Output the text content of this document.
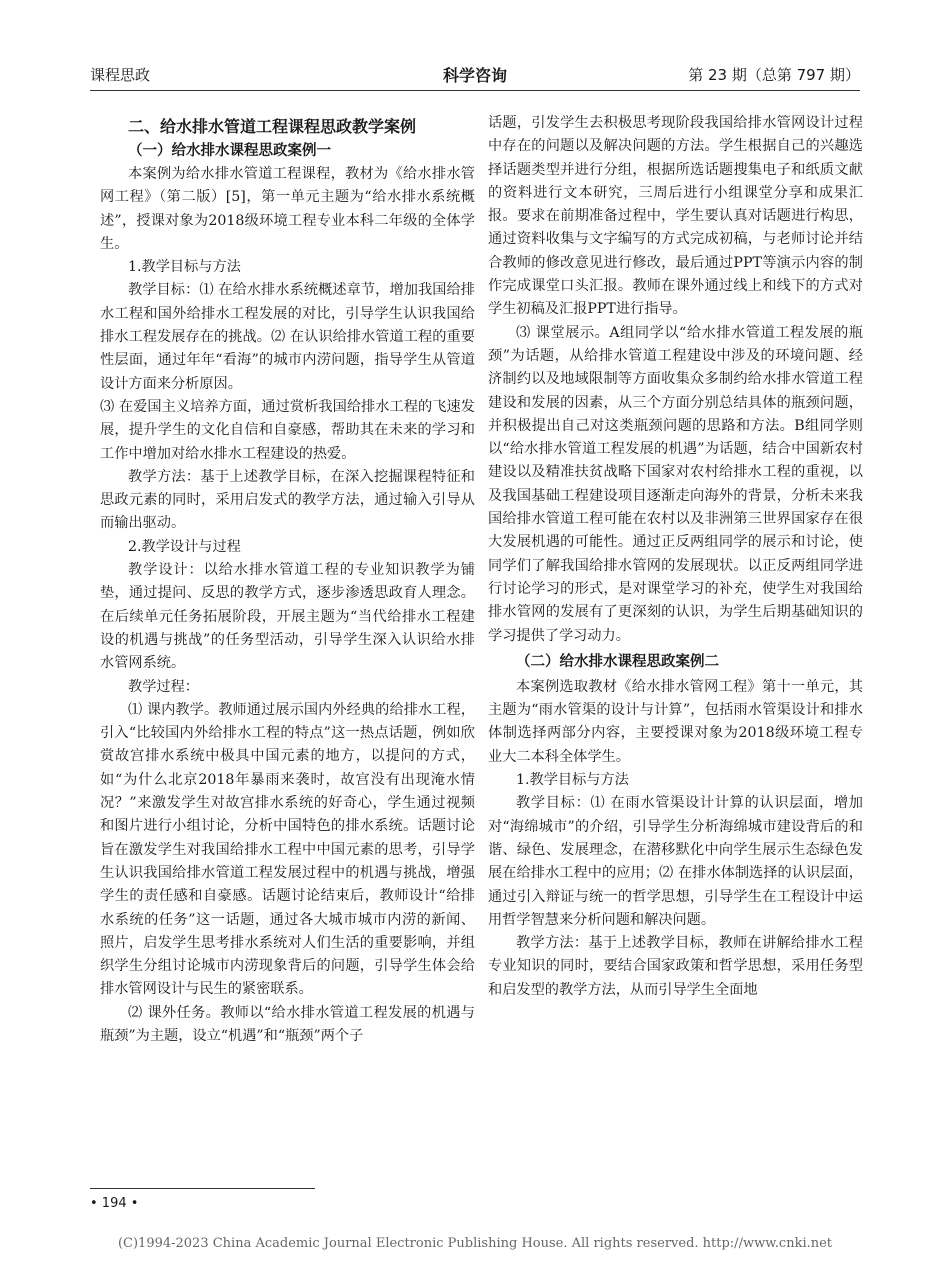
课程思政	科学咨询	第 23 期（总第 797 期）
二、给水排水管道工程课程思政教学案例
（一）给水排水课程思政案例一

本案例为给水排水管道工程课程，教材为《给水排水管网工程》（第二版）[5]，第一单元主题为“给水排水系统概述”，授课对象为2018级环境工程专业本科二年级的全体学生。

1.教学目标与方法

教学目标：⑴ 在给水排水系统概述章节，增加我国给排水工程和国外给排水工程发展的对比，引导学生认识我国给排水工程发展存在的挑战。⑵ 在认识给排水管道工程的重要性层面，通过年年“看海”的城市内涝问题，指导学生从管道设计方面来分析原因。

⑶ 在爱国主义培养方面，通过赏析我国给排水工程的飞速发展，提升学生的文化自信和自豪感，帮助其在未来的学习和工作中增加对给水排水工程建设的热爱。

教学方法：基于上述教学目标，在深入挖掘课程特征和思政元素的同时，采用启发式的教学方法，通过输入引导从而输出驱动。

2.教学设计与过程

教学设计：以给水排水管道工程的专业知识教学为铺垫，通过提问、反思的教学方式，逐步渗透思政育人理念。在后续单元任务拓展阶段，开展主题为“当代给排水工程建设的机遇与挑战”的任务型活动，引导学生深入认识给水排水管网系统。

教学过程：

⑴ 课内教学。教师通过展示国内外经典的给排水工程，引入“比较国内外给排水工程的特点”这一热点话题，例如欣赏故宫排水系统中极具中国元素的地方，以提问的方式，如“为什么北京2018年暴雨来袭时，故宫没有出现淹水情况？”来激发学生对故宫排水系统的好奇心，学生通过视频和图片进行小组讨论，分析中国特色的排水系统。话题讨论旨在激发学生对我国给排水工程中中国元素的思考，引导学生认识我国给排水管道工程发展过程中的机遇与挑战，增强学生的责任感和自豪感。话题讨论结束后，教师设计“给排水系统的任务”这一话题，通过各大城市城市内涝的新闻、照片，启发学生思考排水系统对人们生活的重要影响，并组织学生分组讨论城市内涝现象背后的问题，引导学生体会给排水管网设计与民生的紧密联系。

⑵ 课外任务。教师以“给水排水管道工程发展的机遇与瓶颈”为主题，设立“机遇”和“瓶颈”两个子

话题，引发学生去积极思考现阶段我国给排水管网设计过程中存在的问题以及解决问题的方法。学生根据自己的兴趣选择话题类型并进行分组，根据所选话题搜集电子和纸质文献的资料进行文本研究，三周后进行小组课堂分享和成果汇报。要求在前期准备过程中，学生要认真对话题进行构思，通过资料收集与文字编写的方式完成初稿，与老师讨论并结合教师的修改意见进行修改，最后通过PPT等演示内容的制作完成课堂口头汇报。教师在课外通过线上和线下的方式对学生初稿及汇报PPT进行指导。

⑶ 课堂展示。A组同学以“给水排水管道工程发展的瓶颈”为话题，从给排水管道工程建设中涉及的环境问题、经济制约以及地域限制等方面收集众多制约给水排水管道工程建设和发展的因素，从三个方面分别总结具体的瓶颈问题，并积极提出自己对这类瓶颈问题的思路和方法。B组同学则以“给水排水管道工程发展的机遇”为话题，结合中国新农村建设以及精准扶贫战略下国家对农村给排水工程的重视，以及我国基础工程建设项目逐渐走向海外的背景，分析未来我国给排水管道工程可能在农村以及非洲第三世界国家存在很大发展机遇的可能性。通过正反两组同学的展示和讨论，使同学们了解我国给排水管网的发展现状。以正反两组同学进行讨论学习的形式，是对课堂学习的补充，使学生对我国给排水管网的发展有了更深刻的认识，为学生后期基础知识的学习提供了学习动力。

（二）给水排水课程思政案例二

本案例选取教材《给水排水管网工程》第十一单元，其主题为“雨水管渠的设计与计算”，包括雨水管渠设计和排水体制选择两部分内容，主要授课对象为2018级环境工程专业大二本科全体学生。

1.教学目标与方法

教学目标：⑴ 在雨水管渠设计计算的认识层面，增加对“海绵城市”的介绍，引导学生分析海绵城市建设背后的和谐、绿色、发展理念，在潜移默化中向学生展示生态绿色发展在给排水工程中的应用；⑵ 在排水体制选择的认识层面，通过引入辩证与统一的哲学思想，引导学生在工程设计中运用哲学智慧来分析问题和解决问题。

教学方法：基于上述教学目标，教师在讲解给排水工程专业知识的同时，要结合国家政策和哲学思想，采用任务型和启发型的教学方法，从而引导学生全面地

• 194 •
(C)1994-2023 China Academic Journal Electronic Publishing House. All rights reserved. http://www.cnki.net
